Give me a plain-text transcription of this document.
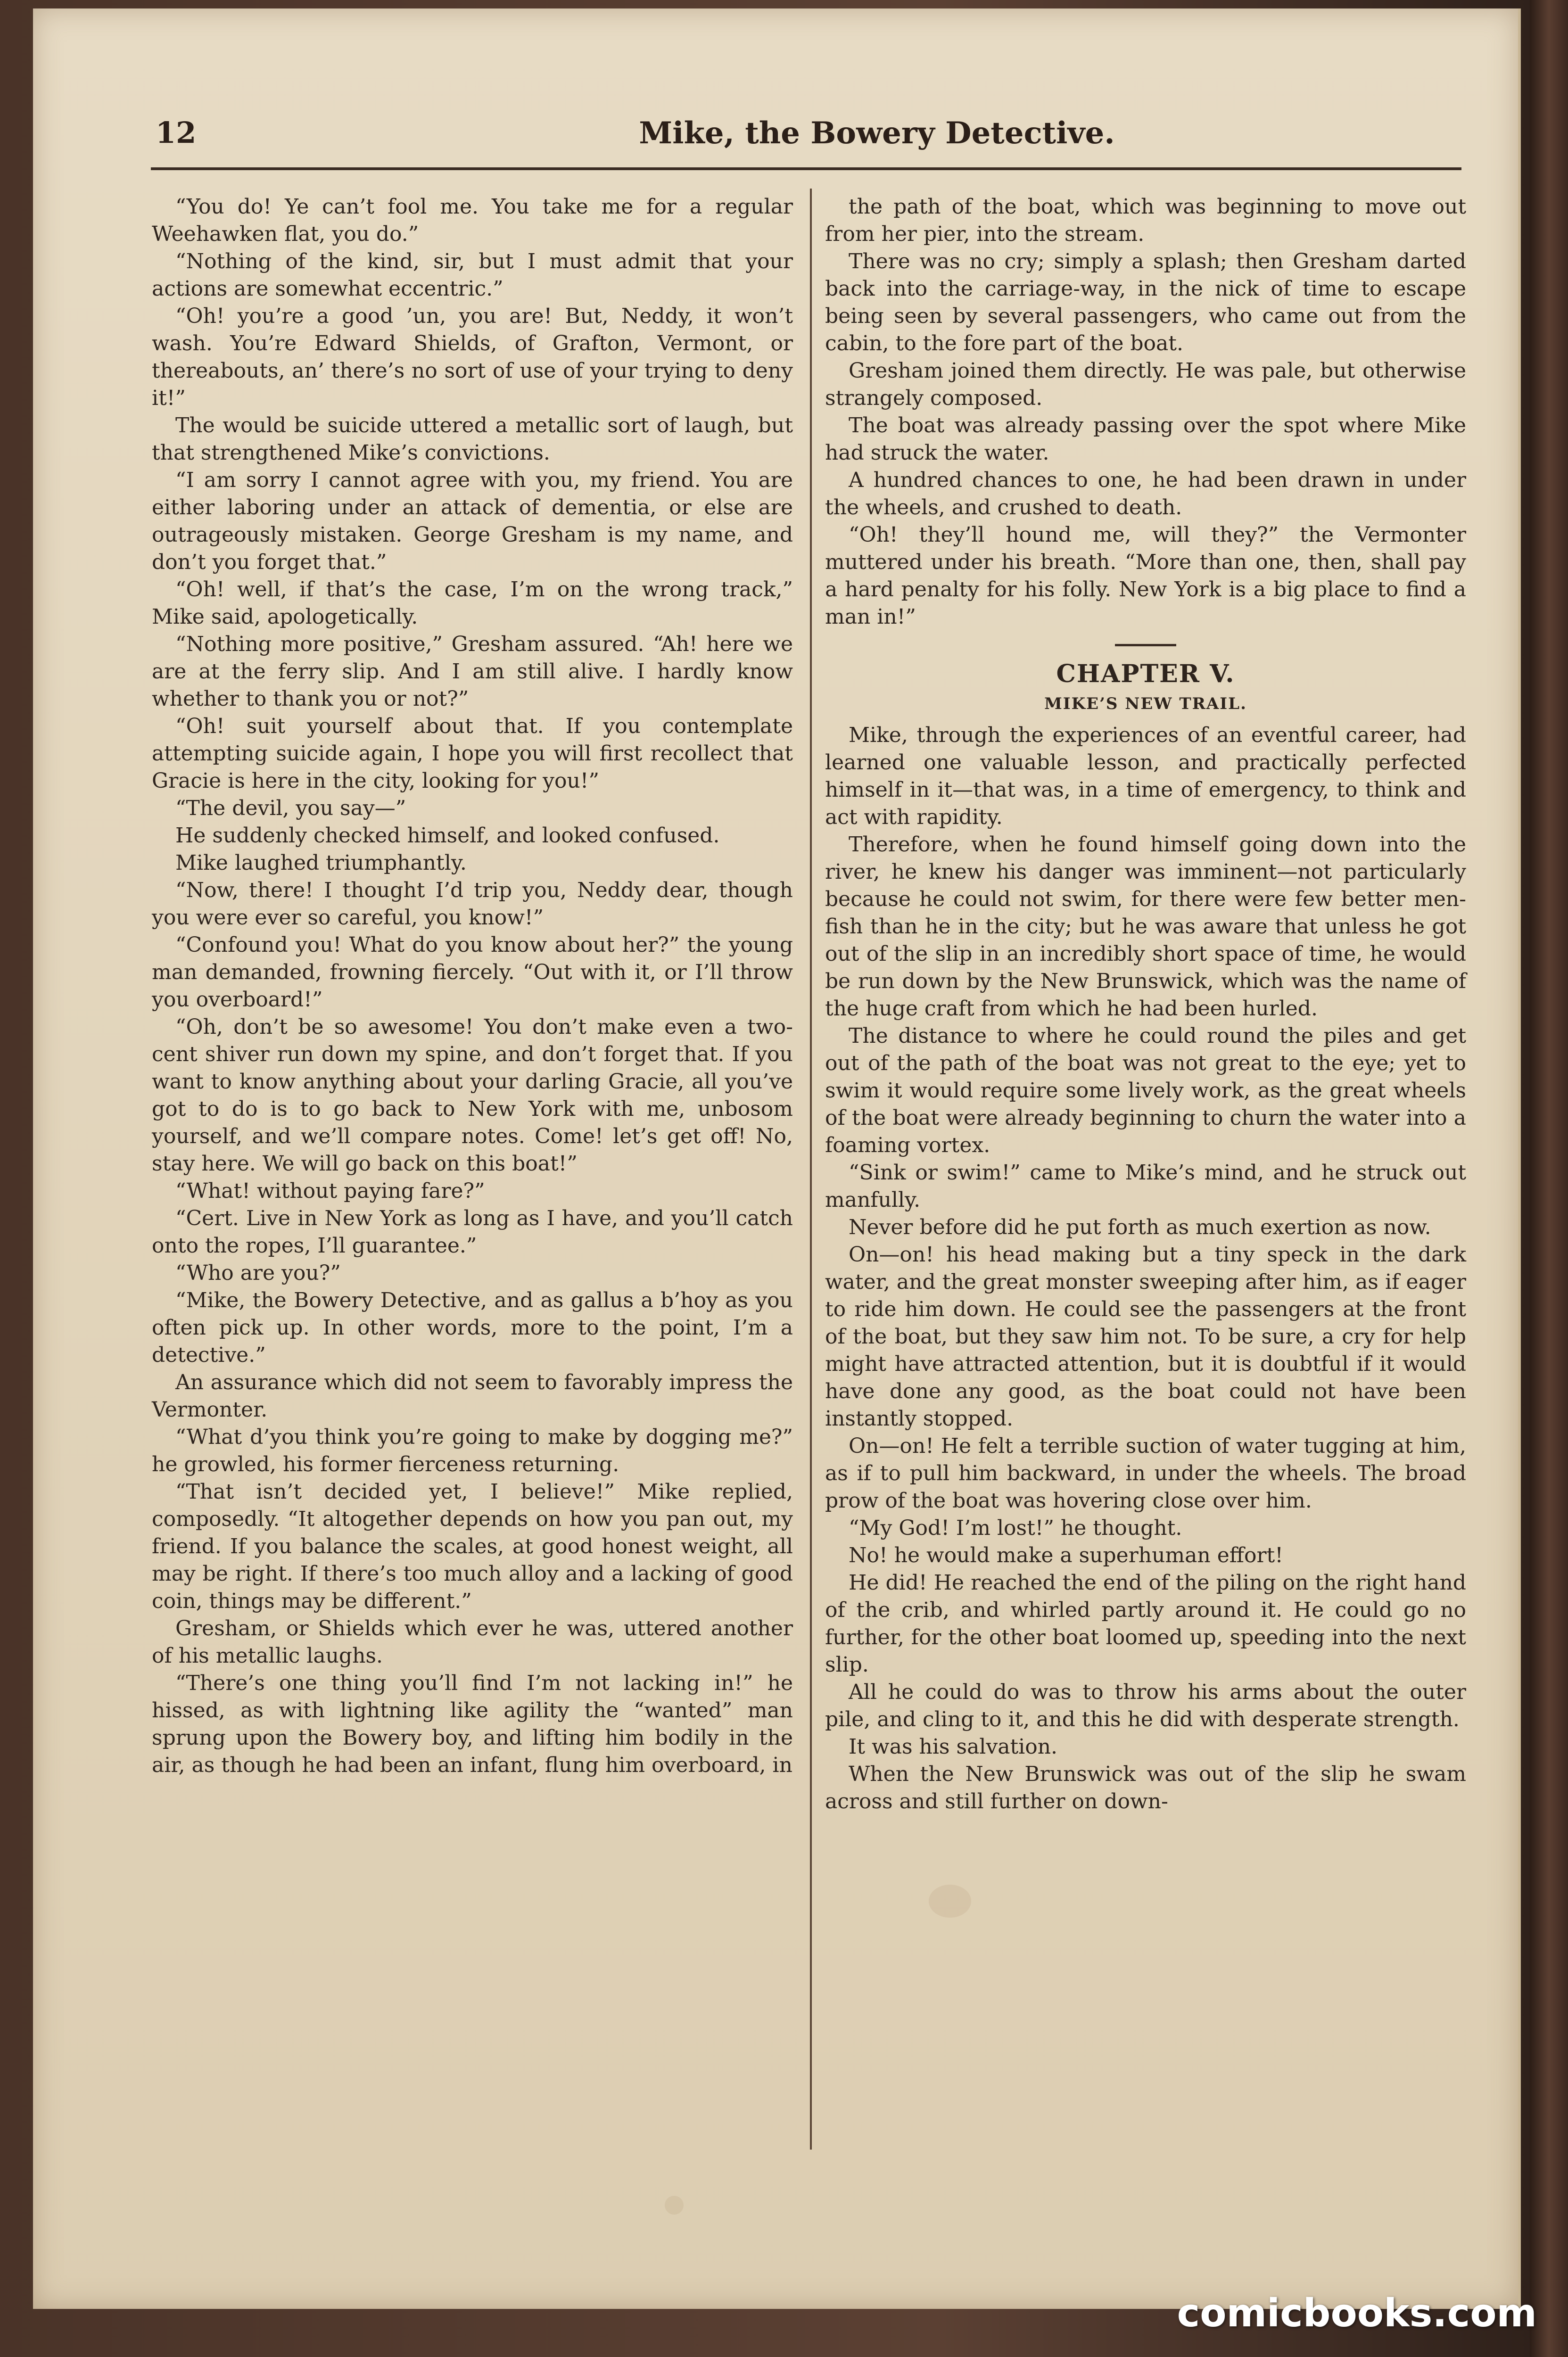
12	Mike, the Bowery Detective.

“You do! Ye can’t fool me. You take me for a regular Weehawken flat, you do.”

“Nothing of the kind, sir, but I must admit that your actions are somewhat eccentric.”

“Oh! you’re a good ’un, you are! But, Neddy, it won’t wash. You’re Edward Shields, of Grafton, Vermont, or thereabouts, an’ there’s no sort of use of your trying to deny it!”

The would be suicide uttered a metallic sort of laugh, but that strengthened Mike’s convictions.

“I am sorry I cannot agree with you, my friend. You are either laboring under an attack of dementia, or else are outrageously mistaken. George Gresham is my name, and don’t you forget that.”

“Oh! well, if that’s the case, I’m on the wrong track,” Mike said, apologetically.

“Nothing more positive,” Gresham assured. “Ah! here we are at the ferry slip. And I am still alive. I hardly know whether to thank you or not?”

“Oh! suit yourself about that. If you contemplate attempting suicide again, I hope you will first recollect that Gracie is here in the city, looking for you!”

“The devil, you say—”

He suddenly checked himself, and looked confused.

Mike laughed triumphantly.

“Now, there! I thought I’d trip you, Neddy dear, though you were ever so careful, you know!”

“Confound you! What do you know about her?” the young man demanded, frowning fiercely. “Out with it, or I’ll throw you overboard!”

“Oh, don’t be so awesome! You don’t make even a two-cent shiver run down my spine, and don’t forget that. If you want to know anything about your darling Gracie, all you’ve got to do is to go back to New York with me, unbosom yourself, and we’ll compare notes. Come! let’s get off! No, stay here. We will go back on this boat!”

“What! without paying fare?”

“Cert. Live in New York as long as I have, and you’ll catch onto the ropes, I’ll guarantee.”

“Who are you?”

“Mike, the Bowery Detective, and as gallus a b’hoy as you often pick up. In other words, more to the point, I’m a detective.”

An assurance which did not seem to favorably impress the Vermonter.

“What d’you think you’re going to make by dogging me?” he growled, his former fierceness returning.

“That isn’t decided yet, I believe!” Mike replied, composedly. “It altogether depends on how you pan out, my friend. If you balance the scales, at good honest weight, all may be right. If there’s too much alloy and a lacking of good coin, things may be different.”

Gresham, or Shields which ever he was, uttered another of his metallic laughs.

“There’s one thing you’ll find I’m not lacking in!” he hissed, as with lightning like agility the “wanted” man sprung upon the Bowery boy, and lifting him bodily in the air, as though he had been an infant, flung him overboard, in

the path of the boat, which was beginning to move out from her pier, into the stream.

There was no cry; simply a splash; then Gresham darted back into the carriage-way, in the nick of time to escape being seen by several passengers, who came out from the cabin, to the fore part of the boat.

Gresham joined them directly. He was pale, but otherwise strangely composed.

The boat was already passing over the spot where Mike had struck the water.

A hundred chances to one, he had been drawn in under the wheels, and crushed to death.

“Oh! they’ll hound me, will they?” the Vermonter muttered under his breath. “More than one, then, shall pay a hard penalty for his folly. New York is a big place to find a man in!”

CHAPTER V.
MIKE’S NEW TRAIL.

Mike, through the experiences of an eventful career, had learned one valuable lesson, and practically perfected himself in it—that was, in a time of emergency, to think and act with rapidity.

Therefore, when he found himself going down into the river, he knew his danger was imminent—not particularly because he could not swim, for there were few better men-fish than he in the city; but he was aware that unless he got out of the slip in an incredibly short space of time, he would be run down by the New Brunswick, which was the name of the huge craft from which he had been hurled.

The distance to where he could round the piles and get out of the path of the boat was not great to the eye; yet to swim it would require some lively work, as the great wheels of the boat were already beginning to churn the water into a foaming vortex.

“Sink or swim!” came to Mike’s mind, and he struck out manfully.

Never before did he put forth as much exertion as now.

On—on! his head making but a tiny speck in the dark water, and the great monster sweeping after him, as if eager to ride him down. He could see the passengers at the front of the boat, but they saw him not. To be sure, a cry for help might have attracted attention, but it is doubtful if it would have done any good, as the boat could not have been instantly stopped.

On—on! He felt a terrible suction of water tugging at him, as if to pull him backward, in under the wheels. The broad prow of the boat was hovering close over him.

“My God! I’m lost!” he thought.

No! he would make a superhuman effort!

He did! He reached the end of the piling on the right hand of the crib, and whirled partly around it. He could go no further, for the other boat loomed up, speeding into the next slip.

All he could do was to throw his arms about the outer pile, and cling to it, and this he did with desperate strength.

It was his salvation.

When the New Brunswick was out of the slip he swam across and still further on down-

comicbooks.com
